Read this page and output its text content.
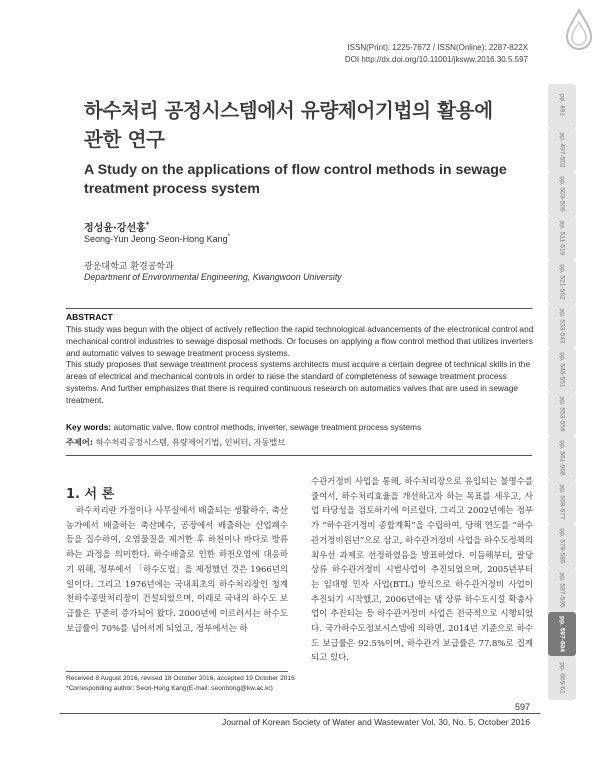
ISSN(Print): 1225-7672 / ISSN(Online): 2287-822X
DOI http://dx.doi.org/10.11001/jksww.2016.30.5.597
하수처리 공정시스템에서 유량제어기법의 활용에 관한 연구
A Study on the applications of flow control methods in sewage treatment process system
정성윤·강선홍*
Seong-Yun Jeong·Seon-Hong Kang*
광운대학교 환경공학과
Department of Environmental Engineering, Kwangwoon University
ABSTRACT

This study was begun with the object of actively reflection the rapid technological advancements of the electronical control and mechanical control industries to sewage disposal methods. Or focuses on applying a flow control method that utilizes inverters and automatic valves to sewage treatment process systems.

This study proposes that sewage treatment process systems architects must acquire a certain degree of technical skills in the areas of electrical and mechanical controls in order to raise the standard of completeness of sewage treatment process systems. And further emphasizes that there is required continuous research on automatics valves that are used in sewage treatment.

Key words: automatic valve, flow control methods, inverter, sewage treatment process systems
주제어: 하수처리공정시스템, 유량제어기법, 인버터, 자동밸브
1. 서 론

하수처리란 가정이나 사무실에서 배출되는 생활하수, 축산농가에서 배출하는 축산폐수, 공장에서 배출하는 산업폐수 등을 집수하여, 오염물질을 제거한 후 하천이나 바다로 방류하는 과정을 의미한다. 하수배출로 인한 하천오염에 대응하기 위해, 정부에서 「하수도법」을 제정했던 것은 1966년의 일이다. 그리고 1976년에는 국내최초의 하수처리장인 청계천하수종말처리장이 건설되었으며, 이래로 국내의 하수도 보급률은 꾸준히 증가되어 왔다. 2000년에 이르러서는 하수도 보급률이 70%를 넘어서게 되었고, 정부에서는 하

수관거정비 사업을 통해, 하수처리장으로 유입되는 불명수를 줄여서, 하수처리효율을 개선하고자 하는 목표를 세우고, 사업 타당성을 검토하기에 이르렀다. 그리고 2002년에는 정부가 “하수관거정비 종합계획”을 수립하여, 당해 연도를 “하수관거정비원년”으로 삼고, 하수관거정비 사업을 하수도정책의 최우선 과제로 선정하였음을 발표하였다. 이듬해부터, 팔당상류 하수관거정비 시범사업이 추진되었으며, 2005년부터는 임대형 민자 사업(BTL) 방식으로 하수관거정비 사업이 추진되기 시작했고, 2006년에는 댐 상류 하수도시설 확충사업이 추진되는 등 하수관거정비 사업은 전국적으로 시행되었다. 국가하수도정보시스템에 의하면, 2014년 기준으로 하수도 보급률은 92.5%이며, 하수관거 보급률은 77.8%로 집계되고 있다.

Received 8 August 2016, revised 18 October 2016, accepted 19 October 2016
*Corresponding author: Seon-Hong Kang(E-mail: seonhong@kw.ac.kr)
597
Journal of Korean Society of Water and Wastewater Vol. 30, No. 5, October 2016
pp. 491-
pp. 497-502
pp. 503-509
pp. 511-519
pp. 521-532
pp. 533-543
pp. 545-551
pp. 553-559
pp. 561-568
pp. 569-577
pp. 579-585
pp. 587-595
pp. 597-604
pp. 605-61
